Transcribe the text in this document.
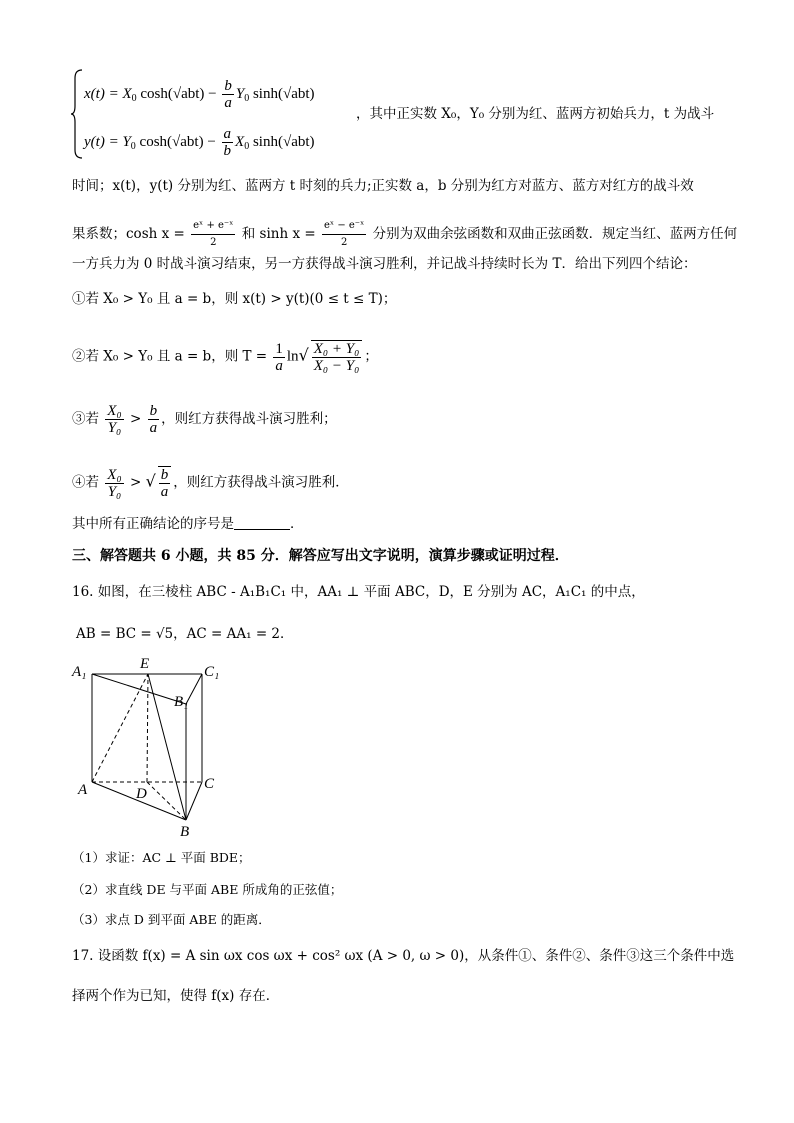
$x(t) = X_0$ $\cosh(√abt) - \frac{b}{a} Y_0$ sinh(√abt)
$y(t) = Y_0$ $\cosh(√abt) - \frac{a}{b} X_0$ sinh(√abt)
，其中正实数 X₀，Y₀ 分别为红、蓝两方初始兵力，t 为战斗
时间；x(t)，y(t) 分别为红、蓝两方 t 时刻的兵力;正实数 a，b 分别为红方对蓝方、蓝方对红方的战斗效
果系数；$\cosh x = \frac{\text{eˣ + e⁻ˣ}}{2}$ 和 $\sinh x = \frac{\text{eˣ − e⁻ˣ}}{2}$ 分别为双曲余弦函数和双曲正弦函数．规定当红、蓝两方任何
一方兵力为 0 时战斗演习结束，另一方获得战斗演习胜利，并记战斗持续时长为 T．给出下列四个结论：
①若 X₀ > Y₀ 且 a = b，则 x(t) > y(t)(0 ≤ t ≤ T)；
②若 X₀ > Y₀ 且 a = b，则 $T = \frac{1}{a} \ln√ \frac{\text{X₀ + Y₀}}{\text{X₀ − Y₀}}$ ；
③若 $\frac{\text{X₀}}{\text{Y₀}} > \frac{b}{a}$ ，则红方获得战斗演习胜利；
④若 $\frac{\text{X₀}}{\text{Y₀}}$ > √ $\frac{b}{a}$ ，则红方获得战斗演习胜利．
其中所有正确结论的序号是	．
三、解答题共 6 小题，共 85 分．解答应写出文字说明，演算步骤或证明过程．
16. 如图，在三棱柱 ABC - A₁B₁C₁ 中，AA₁ ⊥ 平面 ABC，D，E 分别为 AC，A₁C₁ 的中点，
AB = BC = √5，AC = AA₁ = 2．
A₁	E	C₁
B₁
A	D
C
B
（1）求证：AC ⊥ 平面 BDE；
（2）求直线 DE 与平面 ABE 所成角的正弦值；
（3）求点 D 到平面 ABE 的距离．
17. 设函数 f(x) = A sin ωx cos ωx + cos² ωx (A > 0, ω > 0)，从条件①、条件②、条件③这三个条件中选
择两个作为已知，使得 f(x) 存在．
